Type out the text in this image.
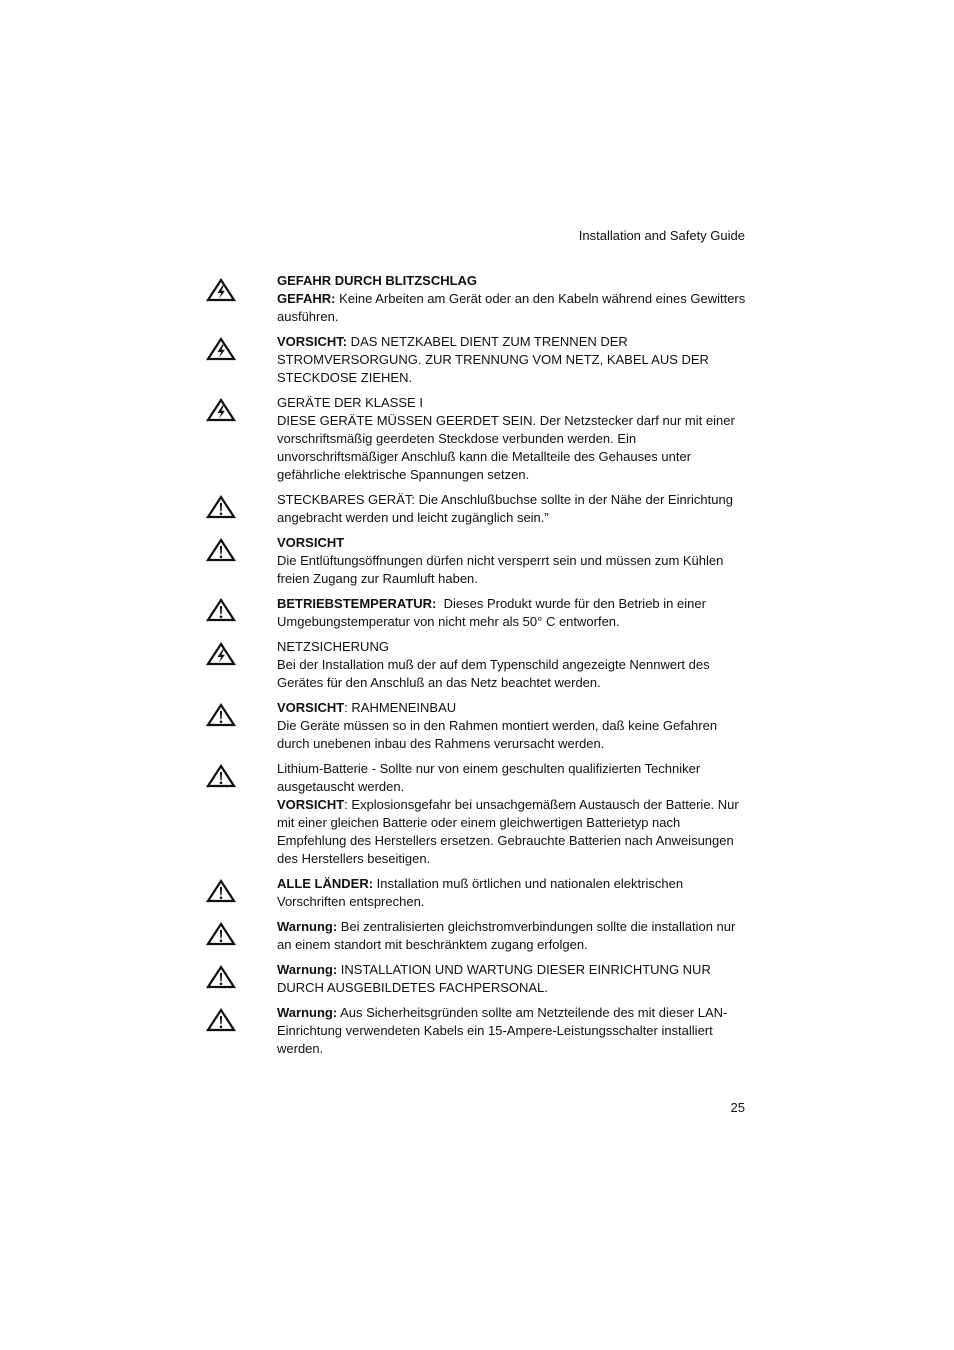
Installation and Safety Guide

GEFAHR DURCH BLITZSCHLAG

GEFAHR: Keine Arbeiten am Gerät oder an den Kabeln während eines Gewitters ausführen.

VORSICHT: DAS NETZKABEL DIENT ZUM TRENNEN DER STROMVERSORGUNG. ZUR TRENNUNG VOM NETZ, KABEL AUS DER STECKDOSE ZIEHEN.

GERÄTE DER KLASSE I

DIESE GERÄTE MÜSSEN GEERDET SEIN. Der Netzstecker darf nur mit einer vorschriftsmäßig geerdeten Steckdose verbunden werden. Ein unvorschriftsmäßiger Anschluß kann die Metallteile des Gehauses unter gefährliche elektrische Spannungen setzen.

STECKBARES GERÄT: Die Anschlußbuchse sollte in der Nähe der Einrichtung angebracht werden und leicht zugänglich sein.”

VORSICHT

Die Entlüftungsöffnungen dürfen nicht versperrt sein und müssen zum Kühlen freien Zugang zur Raumluft haben.

BETRIEBSTEMPERATUR:  Dieses Produkt wurde für den Betrieb in einer Umgebungstemperatur von nicht mehr als 50° C entworfen.

NETZSICHERUNG

Bei der Installation muß der auf dem Typenschild angezeigte Nennwert des Gerätes für den Anschluß an das Netz beachtet werden.

VORSICHT: RAHMENEINBAU

Die Geräte müssen so in den Rahmen montiert werden, daß keine Gefahren durch unebenen inbau des Rahmens verursacht werden.

Lithium-Batterie - Sollte nur von einem geschulten qualifizierten Techniker ausgetauscht werden.

VORSICHT: Explosionsgefahr bei unsachgemäßem Austausch der Batterie. Nur mit einer gleichen Batterie oder einem gleichwertigen Batterietyp nach Empfehlung des Herstellers ersetzen. Gebrauchte Batterien nach Anweisungen des Herstellers beseitigen.

ALLE LÄNDER: Installation muß örtlichen und nationalen elektrischen Vorschriften entsprechen.

Warnung: Bei zentralisierten gleichstromverbindungen sollte die installation nur an einem standort mit beschränktem zugang erfolgen.

Warnung: INSTALLATION UND WARTUNG DIESER EINRICHTUNG NUR DURCH AUSGEBILDETES FACHPERSONAL.

Warnung: Aus Sicherheitsgründen sollte am Netzteilende des mit dieser LAN-Einrichtung verwendeten Kabels ein 15-Ampere-Leistungsschalter installiert werden.

25
